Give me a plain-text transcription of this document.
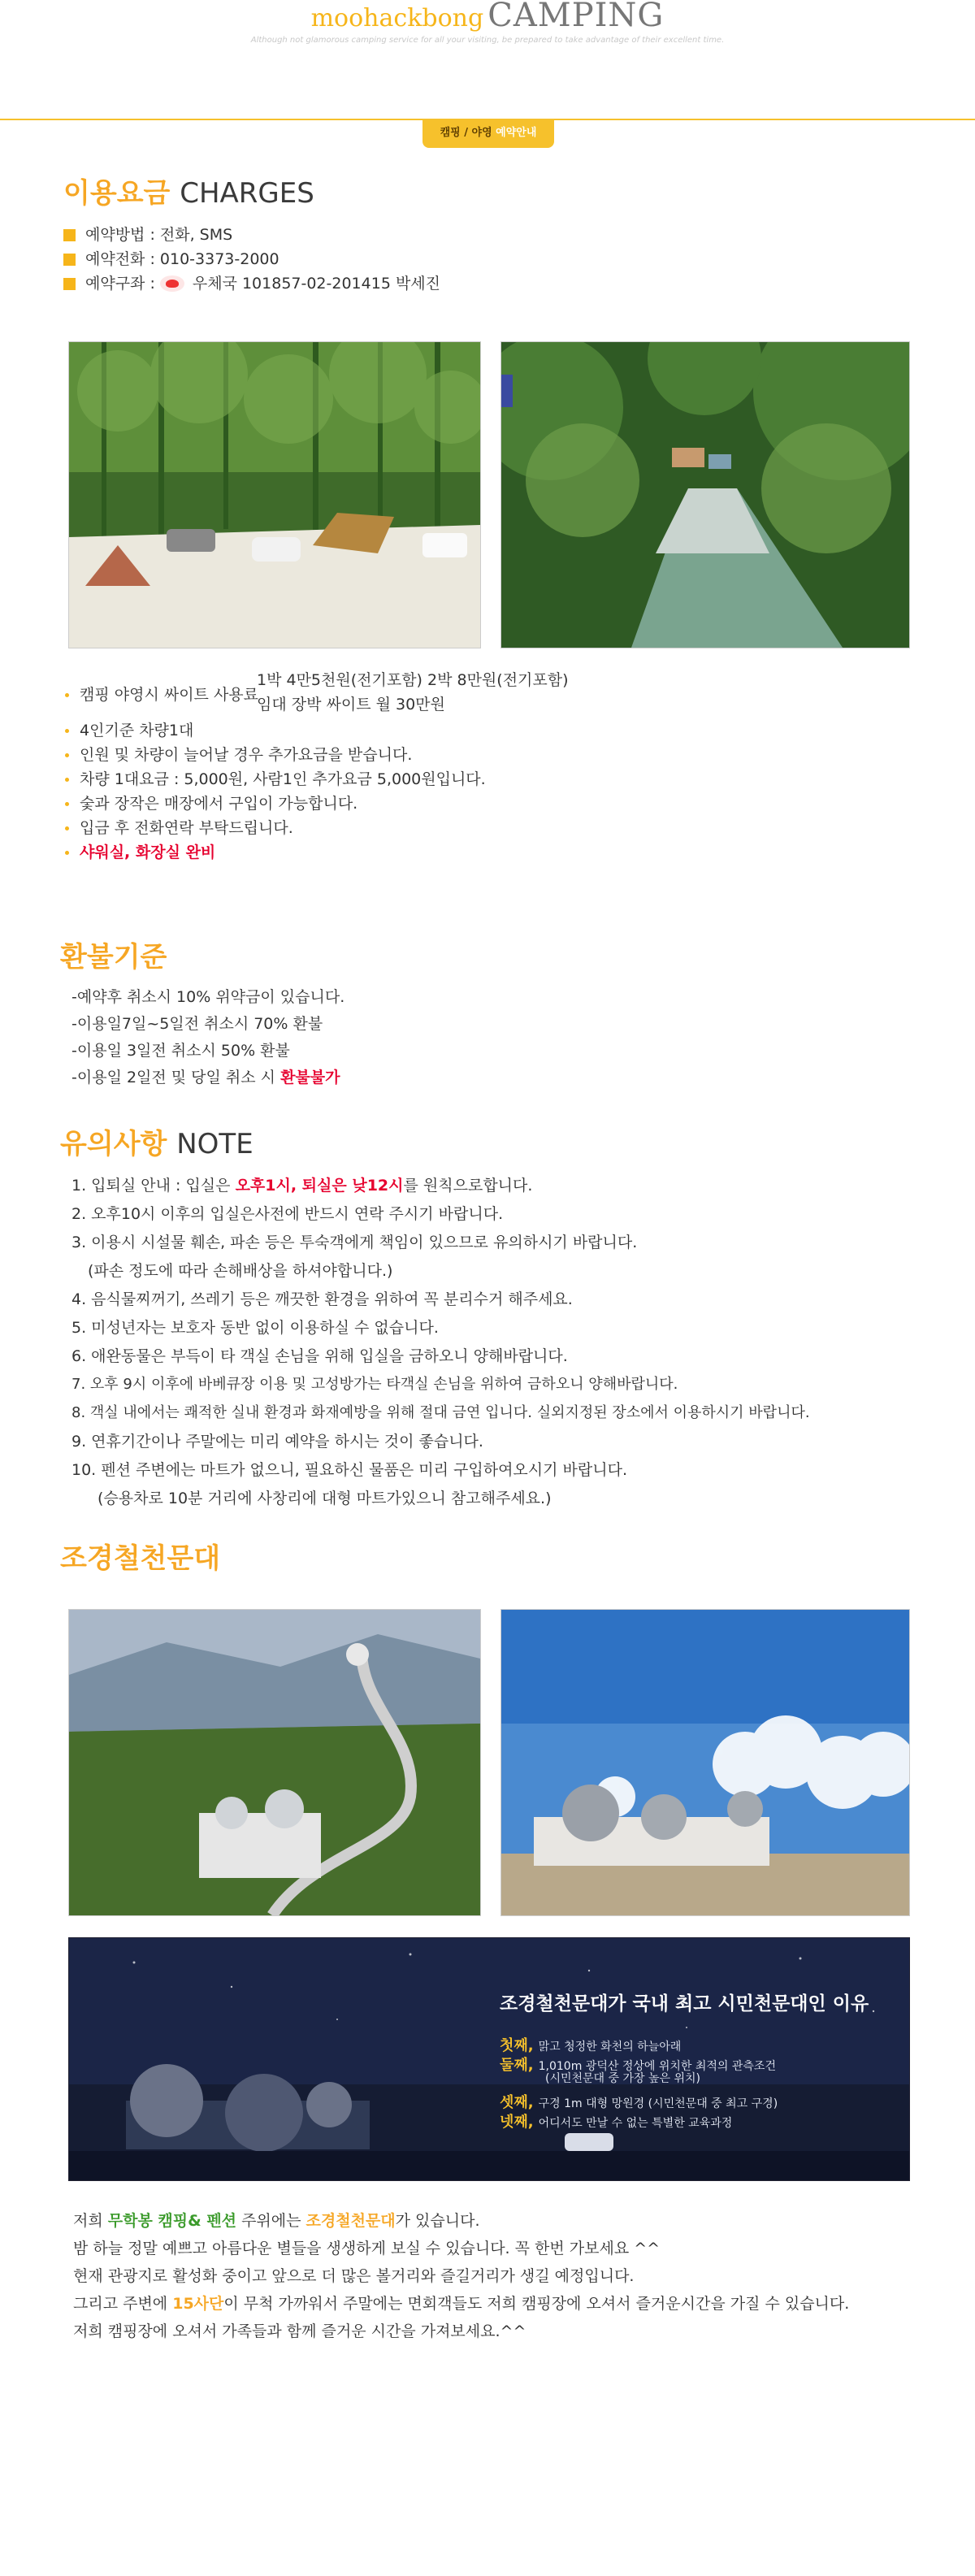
moohackbong CAMPING
Although not glamorous camping service for all your visiting, be prepared to take advantage of their excellent time.
캠핑 / 야영 예약안내
이용요금 CHARGES
예약방법 : 전화, SMS
예약전화 : 010-3373-2000
예약구좌 : 우체국 101857-02-201415 박세진
캠핑 야영시 싸이트 사용료
1박 4만5천원(전기포함) 2박 8만원(전기포함)
임대 장박 싸이트 월 30만원
4인기준 차량1대
인원 및 차량이 늘어날 경우 추가요금을 받습니다.
차량 1대요금 : 5,000원, 사람1인 추가요금 5,000원입니다.
숯과 장작은 매장에서 구입이 가능합니다.
입금 후 전화연락 부탁드립니다.
샤워실, 화장실 완비
환불기준
-예약후 취소시 10% 위약금이 있습니다.
-이용일7일~5일전 취소시 70% 환불
-이용일 3일전 취소시 50% 환불
-이용일 2일전 및 당일 취소 시 환불불가
유의사항 NOTE
1. 입퇴실 안내 : 입실은 오후1시, 퇴실은 낮12시를 원칙으로합니다.
2. 오후10시 이후의 입실은사전에 반드시 연락 주시기 바랍니다.
3. 이용시 시설물 훼손, 파손 등은 투숙객에게 책임이 있으므로 유의하시기 바랍니다.
(파손 정도에 따라 손해배상을 하셔야합니다.)
4. 음식물찌꺼기, 쓰레기 등은 깨끗한 환경을 위하여 꼭 분리수거 해주세요.
5. 미성년자는 보호자 동반 없이 이용하실 수 없습니다.
6. 애완동물은 부득이 타 객실 손님을 위해 입실을 금하오니 양해바랍니다.
7. 오후 9시 이후에 바베큐장 이용 및 고성방가는 타객실 손님을 위하여 금하오니 양해바랍니다.
8. 객실 내에서는 쾌적한 실내 환경과 화재예방을 위해 절대 금연 입니다. 실외지정된 장소에서 이용하시기 바랍니다.
9. 연휴기간이나 주말에는 미리 예약을 하시는 것이 좋습니다.
10. 펜션 주변에는 마트가 없으니, 필요하신 물품은 미리 구입하여오시기 바랍니다.
(승용차로 10분 거리에 사창리에 대형 마트가있으니 참고해주세요.)
조경철천문대
조경철천문대가 국내 최고 시민천문대인 이유
첫째, 맑고 청정한 화천의 하늘아래
둘째, 1,010m 광덕산 정상에 위치한 최적의 관측조건
(시민천문대 중 가장 높은 위치)
셋째, 구경 1m 대형 망원경 (시민천문대 중 최고 구경)
넷째, 어디서도 만날 수 없는 특별한 교육과정
저희 무학봉 캠핑& 펜션 주위에는 조경철천문대가 있습니다.
밤 하늘 정말 예쁘고 아름다운 별들을 생생하게 보실 수 있습니다. 꼭 한번 가보세요 ^^
현재 관광지로 활성화 중이고 앞으로 더 많은 볼거리와 즐길거리가 생길 예정입니다.
그리고 주변에 15사단이 무척 가까워서 주말에는 면회객들도 저희 캠핑장에 오셔서 즐거운시간을 가질 수 있습니다.
저희 캠핑장에 오셔서 가족들과 함께 즐거운 시간을 가져보세요.^^
